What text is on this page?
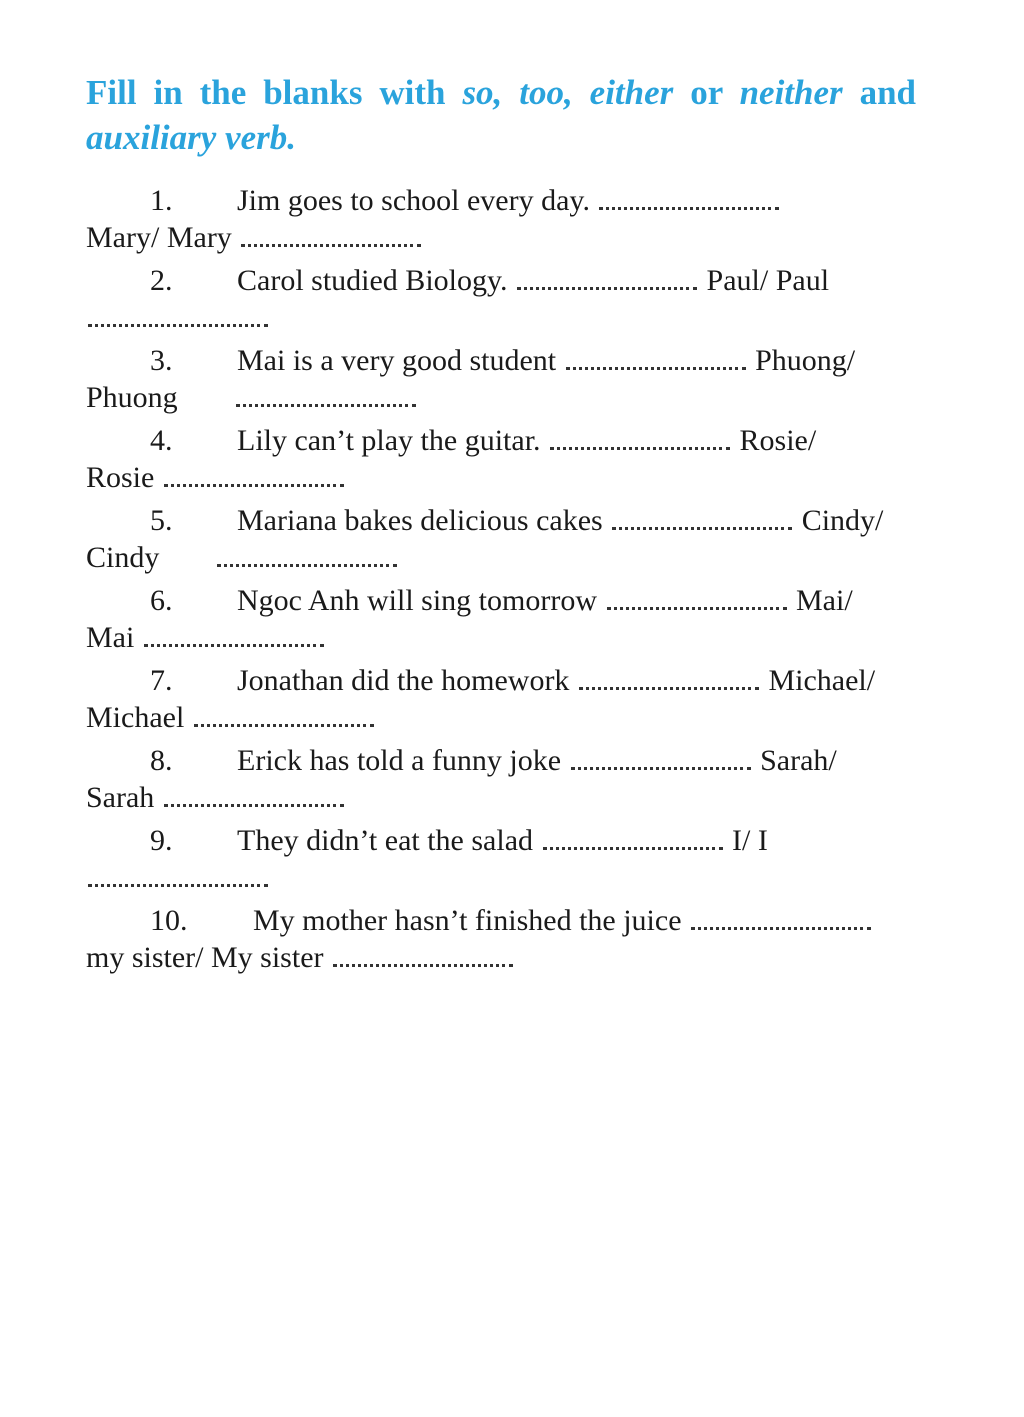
Fill in the blanks with so, too, either or neither and auxiliary verb.
1. Jim goes to school every day.
Mary/ Mary
2. Carol studied Biology.	Paul/ Paul
3. Mai is a very good student	Phuong/
Phuong
4. Lily can’t play the guitar.	Rosie/
Rosie
5. Mariana bakes delicious cakes	Cindy/
Cindy
6. Ngoc Anh will sing tomorrow	Mai/
Mai
7. Jonathan did the homework	Michael/
Michael
8. Erick has told a funny joke	Sarah/
Sarah
9. They didn’t eat the salad	I/ I
10. My mother hasn’t finished the juice
my sister/ My sister
